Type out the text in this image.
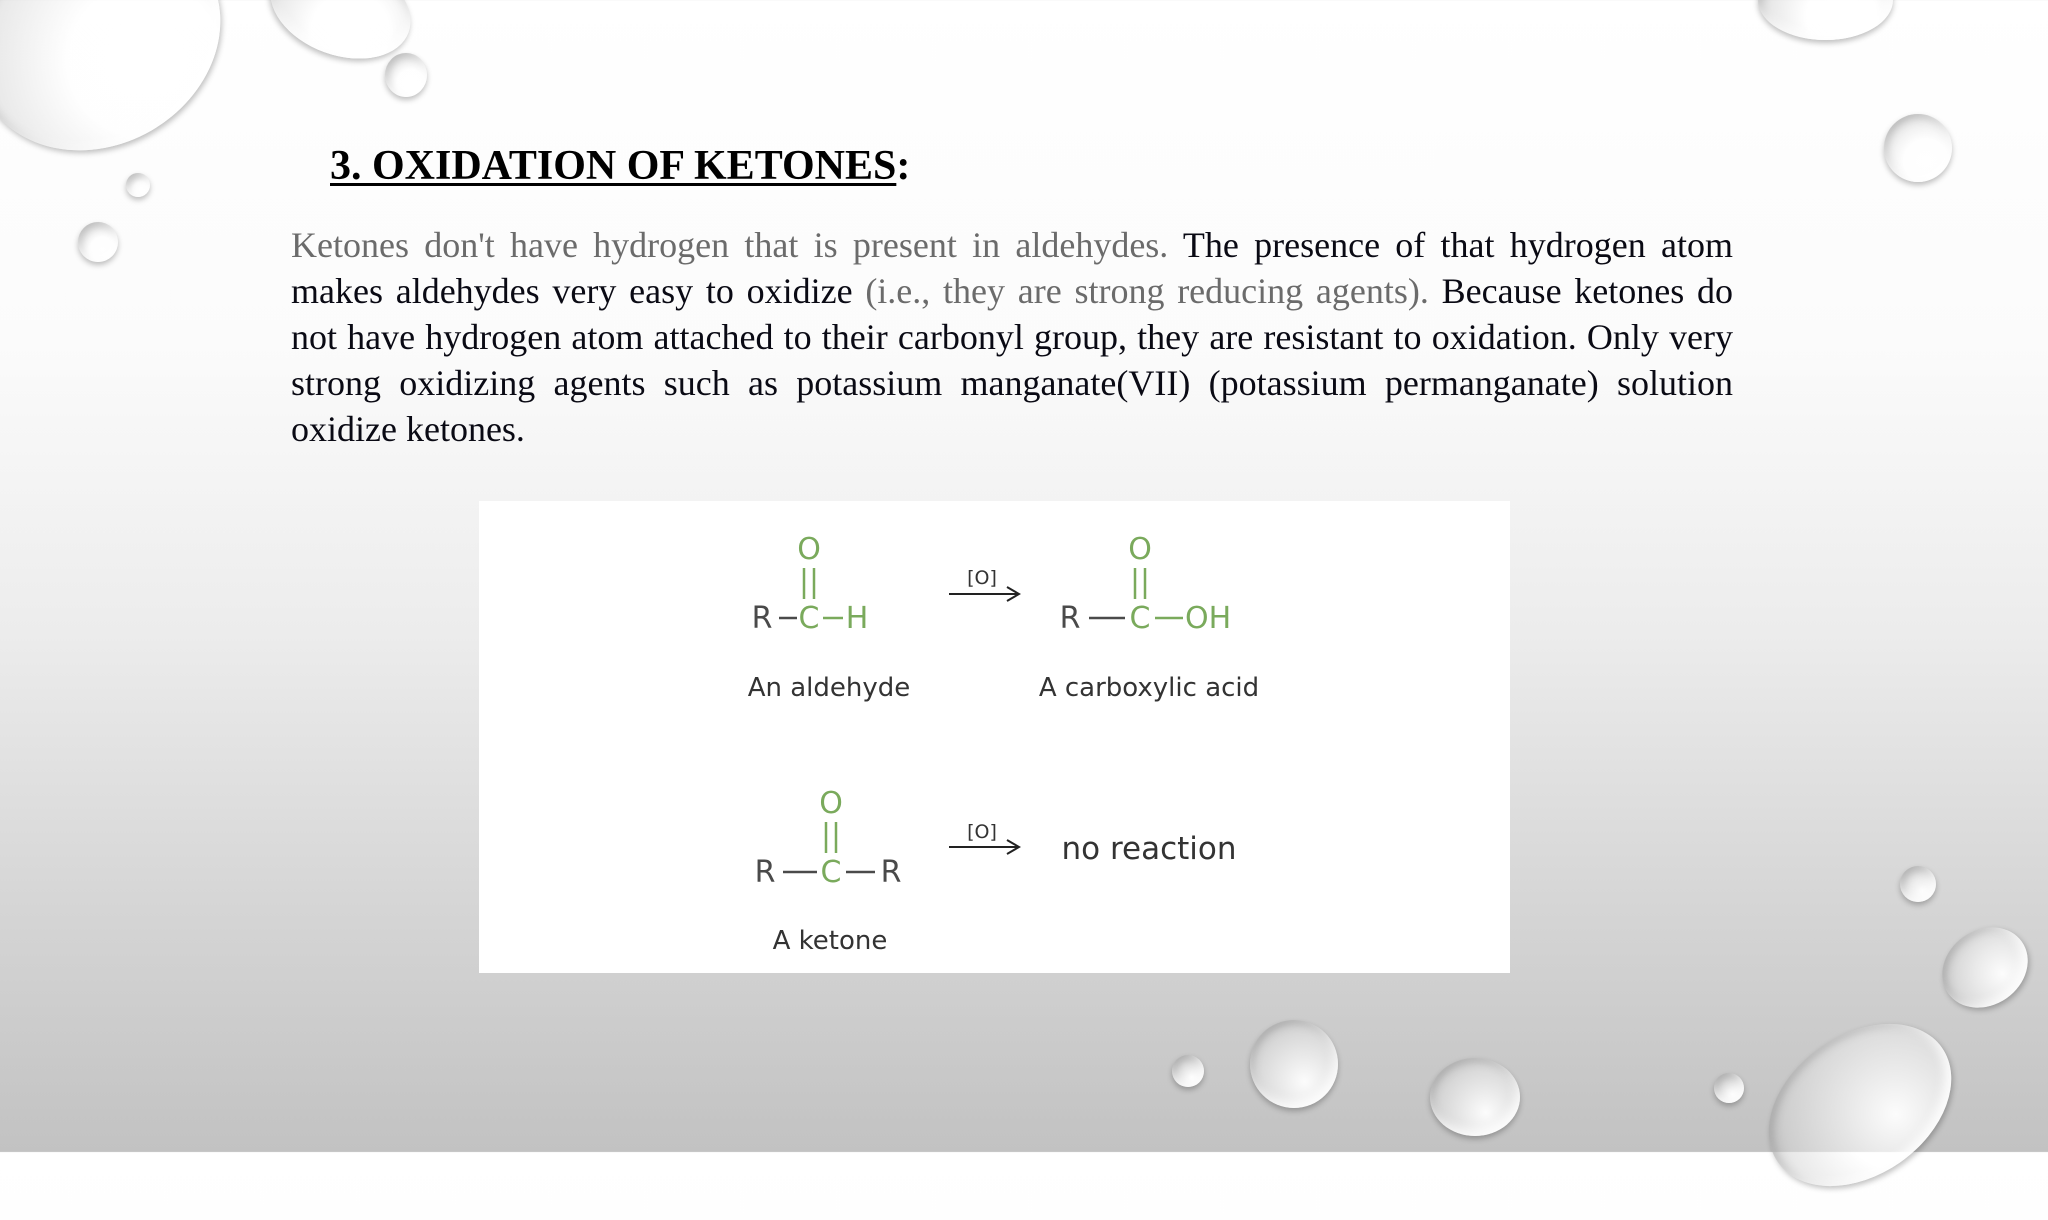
3. OXIDATION OF KETONES:

Ketones don't have hydrogen that is present in aldehydes. The presence of that hydrogen atom makes aldehydes very easy to oxidize (i.e., they are strong reducing agents). Because ketones do not have hydrogen atom attached to their carbonyl group, they are resistant to oxidation. Only very strong oxidizing agents such as potassium manganate(VII) (potassium permanganate) solution oxidize ketones.

O
R C H
An aldehyde
[O]
O
R C OH
A carboxylic acid
O
R C R
A ketone
[O] no reaction
